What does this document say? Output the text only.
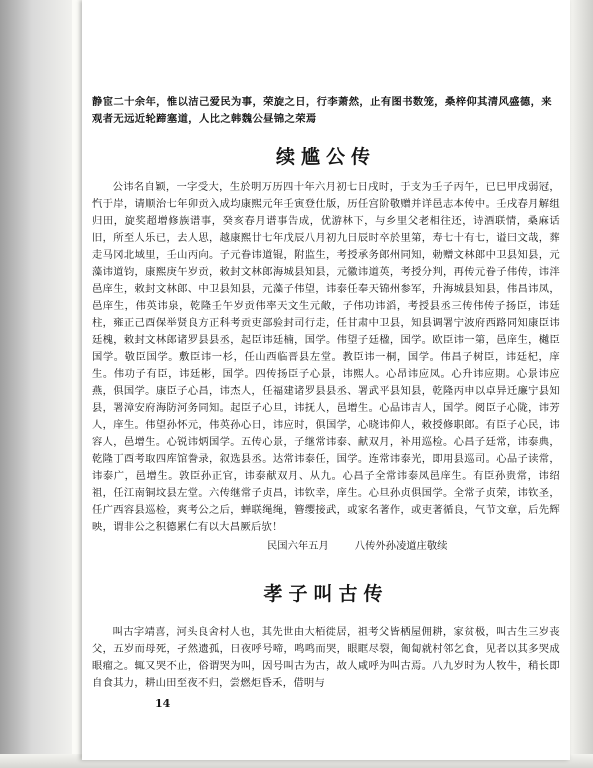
静宦二十余年，惟以洁己爱民为事，荣旋之日，行李萧然，止有图书数笼，桑梓仰其清风盛德，来观者无远近轮蹄塞道，人比之韩魏公昼锦之荣焉

续尴公传

公讳名自颖，一字受大，生於明万历四十年六月初七日戌时，于支为壬子丙午，已巳甲戌弱冠，忾于岸，请顺治七年卯贡入成均康熙元年壬寅登仕版，历任宫阶敬赠并详邑志本传中。壬戌春月解组归田，旋奖超增修族谱事，癸亥春月谱事告成，优游林下，与乡里父老相往还，诗酒联情，桑麻话旧，所至人乐已，去人思，越康熙廿七年戊辰八月初九日辰时卒於里第，寿七十有七，谥曰文哉，葬走马冈北域里，壬山丙向。子元眷讳道锟，附监生，考授承务郎州同知，勅赠文林郎中卫县知县，元藻讳道钧，康熙庚午岁贡，敕封文林郎海城县知县，元徽讳道英，考授分判，再传元眷子伟传，讳泮邑庠生，敕封文林郎、中卫县知县，元藻子伟望，讳泰任奉天锦州参军，升海城县知县，伟昌讳凤，邑庠生，伟英讳泉，乾隆壬午岁贡伟率天文生元敞，子伟功讳滔，考授县丞三传伟传子扬臣，讳廷柱，雍正己酉保举贤良方正科考贡吏部验封司行走，任甘肃中卫县，知县调署宁波府西路同知康臣讳廷槐，敕封文林郎诸罗县县丞，起臣讳廷楠，国学。伟望子廷楹，国学。欧臣讳一第，邑庠生，樾臣国学。敬臣国学。敷臣讳一杉，任山西临晋县左堂。教臣讳一桐，国学。伟昌子树臣，讳廷杞，庠生。伟功子有臣，讳廷彬，国学。四传扬臣子心景，讳熙人。心昂讳应凤。心升讳应期。心景讳应燕，俱国学。康臣子心昌，讳杰人，任福建诸罗县县丞、署武平县知县，乾隆丙申以卓异迁廉宁县知县，署漳安府海防河务同知。起臣子心旦，讳抚人，邑增生。心品讳吉人，国学。阅臣子心陇，讳芳人，庠生。伟望孙怀元，伟英孙心日，讳应时，俱国学，心晓讳仰人，敕授修职郎。有臣子心民，讳容人，邑增生。心锐讳炳国学。五传心景，子继常讳泰、献双月，补用巡检。心昌子廷常，讳泰典，乾隆丁酉考取四库馆誊录，叙选县丞。达常讳泰任，国学。连常讳泰光，即用县巡司。心品子读常，讳泰广，邑增生。敦臣孙正官，讳泰献双月、从九。心昌子全常讳泰凤邑庠生。有臣孙贵常，讳绍祖，任江南铜坟县左堂。六传继常子贞昌，讳钦幸，庠生。心旦孙贞俱国学。全常子贞荣，讳钦圣，任广西容县巡检，爽考公之后，蝉联绳绳，簪缨接武，或家名著作，或吏著循良，气节文章，后先辉映，谓非公之积德累仁有以大昌厥后欤！

民国六年五月	八传外孙凌道庄敬续
孝子叫古传

叫古字靖喜，河头良舍村人也，其先世由大栢徙居，祖考父皆栖屋佣耕，家贫极，叫古生三岁丧父，五岁而母死，孑然遗孤，日夜呼号啼，鸣鸣而哭，眼眶尽裂，匍匐就村邻乞食，见者以其多哭成眼瘤之。辄又哭不止，俗谓哭为叫，因号叫古为古，故人咸呼为叫古焉。八九岁时为人牧牛，稍长即自食其力，耕山田至夜不归，尝燃炬昏禾，借明与

14
